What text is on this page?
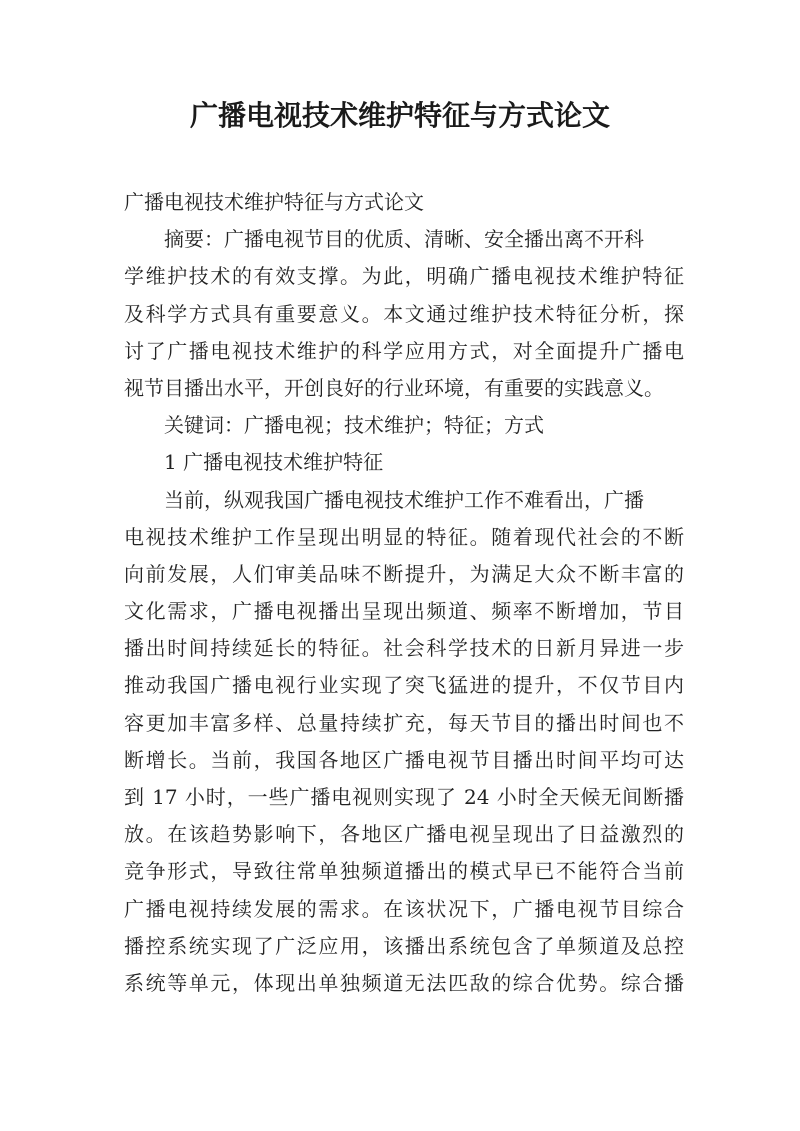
广播电视技术维护特征与方式论文
广播电视技术维护特征与方式论文
摘要：广播电视节目的优质、清晰、安全播出离不开科
学维护技术的有效支撑。为此，明确广播电视技术维护特征
及科学方式具有重要意义。本文通过维护技术特征分析，探
讨了广播电视技术维护的科学应用方式，对全面提升广播电
视节目播出水平，开创良好的行业环境，有重要的实践意义。
关键词：广播电视；技术维护；特征；方式
1 广播电视技术维护特征
当前，纵观我国广播电视技术维护工作不难看出，广播
电视技术维护工作呈现出明显的特征。随着现代社会的不断
向前发展，人们审美品味不断提升，为满足大众不断丰富的
文化需求，广播电视播出呈现出频道、频率不断增加，节目
播出时间持续延长的特征。社会科学技术的日新月异进一步
推动我国广播电视行业实现了突飞猛进的提升，不仅节目内
容更加丰富多样、总量持续扩充，每天节目的播出时间也不
断增长。当前，我国各地区广播电视节目播出时间平均可达
到 17 小时，一些广播电视则实现了 24 小时全天候无间断播
放。在该趋势影响下，各地区广播电视呈现出了日益激烈的
竞争形式，导致往常单独频道播出的模式早已不能符合当前
广播电视持续发展的需求。在该状况下，广播电视节目综合
播控系统实现了广泛应用，该播出系统包含了单频道及总控
系统等单元，体现出单独频道无法匹敌的综合优势。综合播
